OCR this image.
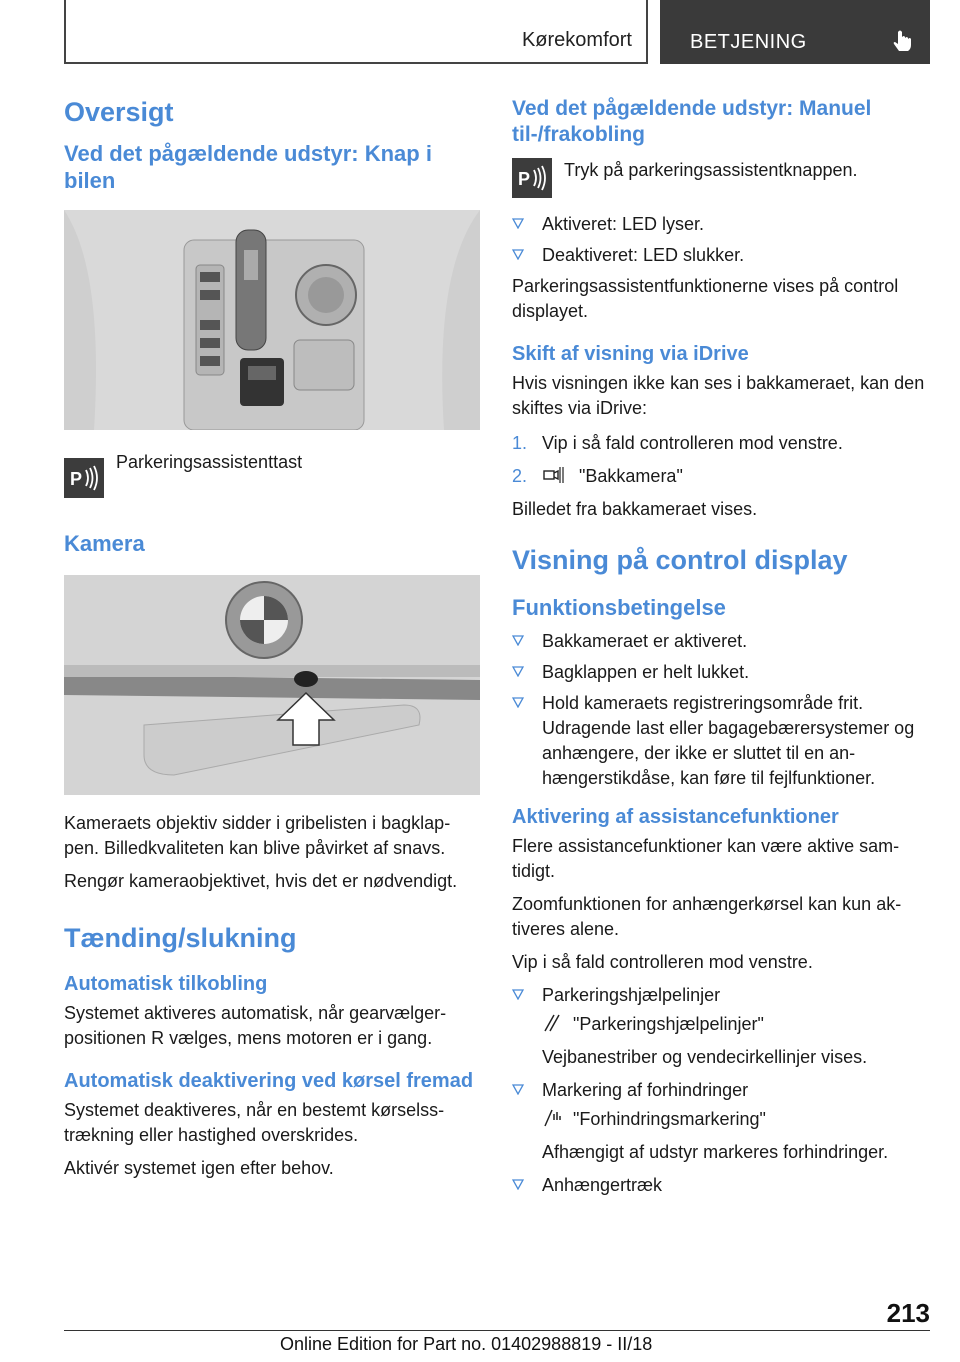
Kørekomfort	BETJENING
Oversigt
Ved det pågældende udstyr: Knap i bilen
P

Parkeringsassistenttast

Kamera

Kameraets objektiv sidder i gribelisten i bagklap-pen. Billedkvaliteten kan blive påvirket af snavs.

Rengør kameraobjektivet, hvis det er nødvendigt.

Tænding/slukning
Automatisk tilkobling

Systemet aktiveres automatisk, når gearvælger-positionen R vælges, mens motoren er i gang.

Automatisk deaktivering ved kørsel fremad

Systemet deaktiveres, når en bestemt kørselss-trækning eller hastighed overskrides.

Aktivér systemet igen efter behov.

Ved det pågældende udstyr: Manuel til-/frakobling
P Tryk på parkeringsassistentknappen.

Aktiveret: LED lyser.
Deaktiveret: LED slukker.

Parkeringsassistentfunktionerne vises på control displayet.

Skift af visning via iDrive

Hvis visningen ikke kan ses i bakkameraet, kan den skiftes via iDrive:

1. Vip i så fald controlleren mod venstre.
2.	"Bakkamera"

Billedet fra bakkameraet vises.

Visning på control display
Funktionsbetingelse
Bakkameraet er aktiveret.
Bagklappen er helt lukket.
Hold kameraets registreringsområde frit. Udragende last eller bagagebærersystemer og anhængere, der ikke er sluttet til en an-hængerstikdåse, kan føre til fejlfunktioner.
Aktivering af assistancefunktioner

Flere assistancefunktioner kan være aktive sam-tidigt.

Zoomfunktionen for anhængerkørsel kan kun ak-tiveres alene.

Vip i så fald controlleren mod venstre.

Parkeringshjælpelinjer
"Parkeringshjælpelinjer"
Vejbanestriber og vendecirkellinjer vises.
Markering af forhindringer
"Forhindringsmarkering"
Afhængigt af udstyr markeres forhindringer.
Anhængertræk
213
Online Edition for Part no. 01402988819 - II/18
